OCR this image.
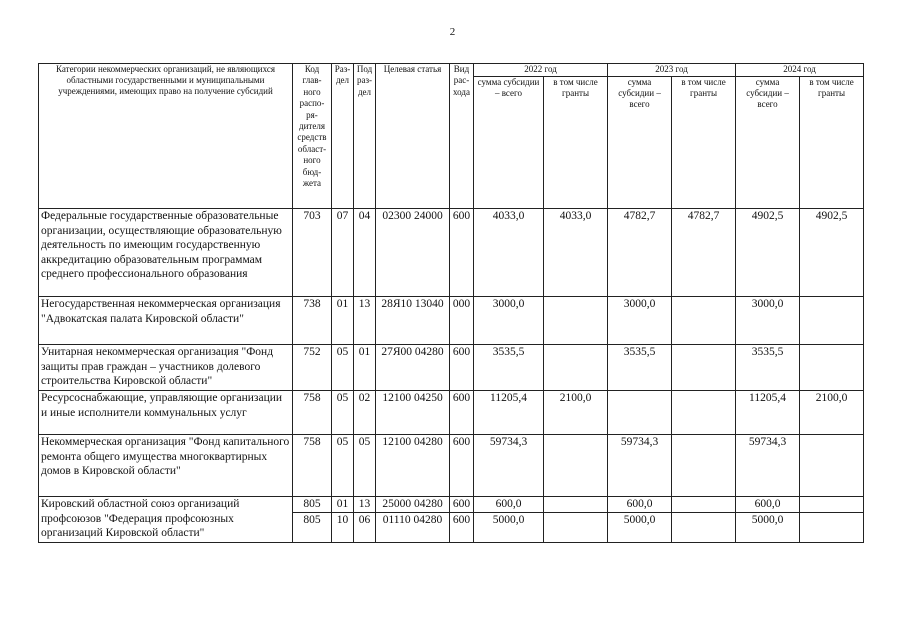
2
Категории некоммерческих организаций, не являющихся областными государственными и муниципальными учреждениями, имеющих право на получение субсидий	Код глав-ного распо-ря-дителя средств област-ного бюд-жета	Раз-дел	Под раз-дел	Целевая статья	Вид рас-хода	2022 год		2023 год		2024 год	
						сумма субсидии – всего	в том числе гранты	сумма субсидии – всего	в том числе гранты	сумма субсидии – всего	в том числе гранты
Федеральные государственные образовательные организации, осуществляющие образовательную деятельность по имеющим государственную аккредитацию образовательным программам среднего профессионального образования	703	07	04	02300 24000	600	4033,0	4033,0	4782,7	4782,7	4902,5	4902,5
Негосударственная некоммерческая организация "Адвокатская палата Кировской области"	738	01	13	28Я10 13040	000	3000,0		3000,0		3000,0	
Унитарная некоммерческая организация "Фонд защиты прав граждан – участников долевого строительства Кировской области"	752	05	01	27Я00 04280	600	3535,5		3535,5		3535,5	
Ресурсоснабжающие, управляющие организации и иные исполнители коммунальных услуг	758	05	02	12100 04250	600	11205,4	2100,0			11205,4	2100,0
Некоммерческая организация "Фонд капитального ремонта общего имущества многоквартирных домов в Кировской области"	758	05	05	12100 04280	600	59734,3		59734,3		59734,3	
Кировский областной союз организаций профсоюзов "Федерация профсоюзных организаций Кировской области"	805	01	13	25000 04280	600	600,0		600,0		600,0	
	805	10	06	01110 04280	600	5000,0		5000,0		5000,0	
